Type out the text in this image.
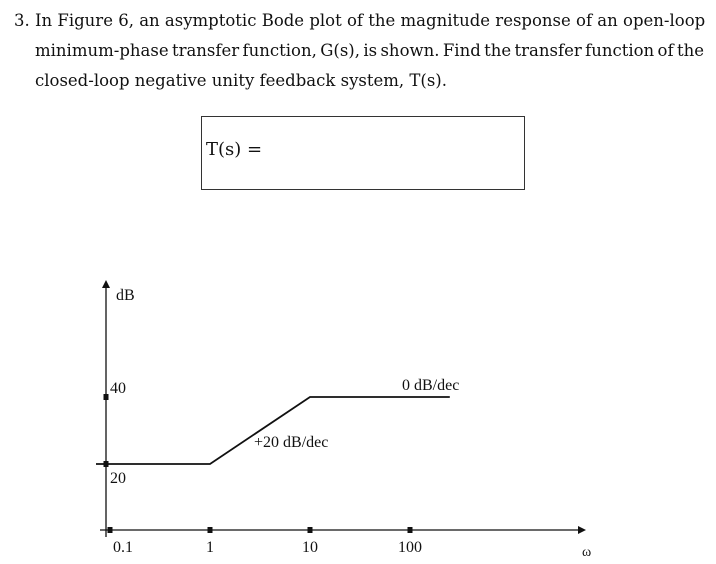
3. In Figure 6, an asymptotic Bode plot of the magnitude response of an open-loop
minimum-phase transfer function, G(s), is shown. Find the transfer function of the
closed-loop negative unity feedback system, T(s).
T(s) =
dB
ω
0.1	1	10	100
20
40
+20 dB/dec
0 dB/dec
